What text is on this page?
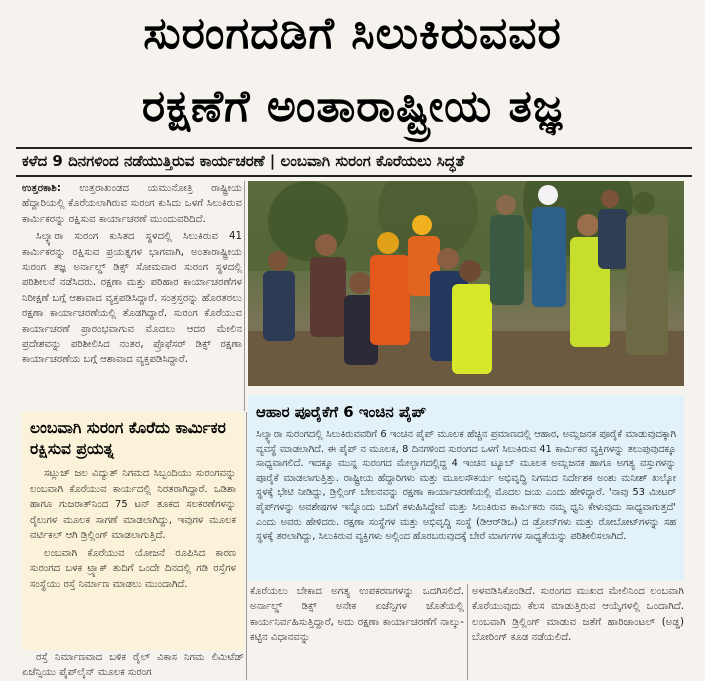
ಸುರಂಗದಡಿಗೆ ಸಿಲುಕಿರುವವರ
ರಕ್ಷಣೆಗೆ ಅಂತಾರಾಷ್ಟ್ರೀಯ ತಜ್ಞ
ಕಳೆದ 9 ದಿನಗಳಿಂದ ನಡೆಯುತ್ತಿರುವ ಕಾರ್ಯಚರಣೆ | ಲಂಬವಾಗಿ ಸುರಂಗ ಕೊರೆಯಲು ಸಿದ್ಧತೆ

ಉತ್ತರಕಾಶಿ: ಉತ್ತರಾಖಂಡದ ಯಮುನೋತ್ರಿ ರಾಷ್ಟ್ರೀಯ ಹೆದ್ದಾರಿಯಲ್ಲಿ ಕೊರೆಯಲಾಗಿರುವ ಸುರಂಗ ಕುಸಿದು ಒಳಗೆ ಸಿಲುಕಿರುವ ಕಾರ್ಮಿಕರನ್ನು ರಕ್ಷಿಸುವ ಕಾರ್ಯಾಚರಣೆ ಮುಂದುವರಿದಿದೆ.

ಸಿಲ್ಕ್ಯಾರಾ ಸುರಂಗ ಕುಸಿತದ ಸ್ಥಳದಲ್ಲಿ ಸಿಲುಕಿರುವ 41 ಕಾರ್ಮಿಕರನ್ನು ರಕ್ಷಿಸುವ ಪ್ರಯತ್ನಗಳ ಭಾಗವಾಗಿ, ಅಂತಾರಾಷ್ಟ್ರೀಯ ಸುರಂಗ ತಜ್ಞ ಅರ್ನಾಲ್ಡ್ ಡಿಕ್ಸ್ ಸೋಮವಾರ ಸುರಂಗ ಸ್ಥಳದಲ್ಲಿ ಪರಿಶೀಲನೆ ನಡೆಸಿದರು. ರಕ್ಷಣಾ ಮತ್ತು ಪರಿಹಾರ ಕಾರ್ಯಾಚರಣೆಗಳ ನಿರೀಕ್ಷಣೆ ಬಗ್ಗೆ ಆಶಾವಾದ ವ್ಯಕ್ತಪಡಿಸಿದ್ದಾರೆ. ಸಂತ್ರಸ್ತರನ್ನು ಹೊರತರಲು ರಕ್ಷಣಾ ಕಾರ್ಯಾಚರಣೆಯಲ್ಲಿ ತೊಡಗಿದ್ದಾರೆ. ಸುರಂಗ ಕೊರೆಯುವ ಕಾರ್ಯಾಚರಣೆ ಪ್ರಾರಂಭವಾಗುವ ಮೊದಲು ಆದರ ಮೇಲಿನ ಪ್ರದೇಶವನ್ನು ಪರಿಶೀಲಿಸಿದ ನಂತರ, ಪ್ರೊಫೆಸರ್ ಡಿಕ್ಸ್ ರಕ್ಷಣಾ ಕಾರ್ಯಾಚರಣೆಯ ಬಗ್ಗೆ ಆಶಾವಾದ ವ್ಯಕ್ತಪಡಿಸಿದ್ದಾರೆ.

ಲಂಬವಾಗಿ ಸುರಂಗ ಕೊರೆದು ಕಾರ್ಮಿಕರ ರಕ್ಷಿಸುವ ಪ್ರಯತ್ನ

ಸಟ್ಲುಜ್ ಜಲ ವಿದ್ಯುತ್ ನಿಗಮದ ಸಿಬ್ಬಂದಿಯು ಸುರಂಗವನ್ನು ಲಂಬವಾಗಿ ಕೊರೆಯುವ ಕಾರ್ಯದಲ್ಲಿ ನಿರತರಾಗಿದ್ದಾರೆ. ಒಡಿಶಾ ಹಾಗೂ ಗುಜರಾತ್‌ನಿಂದ 75 ಟನ್ ತೂಕದ ಸಲಕರಣೆಗಳನ್ನು ರೈಲುಗಳ ಮೂಲಕ ಸಾಗಣೆ ಮಾಡಲಾಗಿದ್ದು, ಇವುಗಳ ಮೂಲಕ ವರ್ಟಿಕಲ್ ಆಗಿ ಡ್ರಿಲ್ಲಿಂಗ್ ಮಾಡಲಾಗುತ್ತಿದೆ.

ಲಂಬವಾಗಿ ಕೊರೆಯುವ ಯೋಜನೆ ರೂಪಿಸಿದ ಕಾರಣ ಸುರಂಗದ ಬಳಕ ಟ್ರ್ಯಾಕ್ ತುದಿಗೆ ಒಂದೇ ದಿನದಲ್ಲಿ ಗಡಿ ರಸ್ತೆಗಳ ಸಂಸ್ಥೆಯು ರಸ್ತೆ ನಿರ್ಮಾಣ ಮಾಡಲು ಮುಂದಾಗಿದೆ.

ರಸ್ತೆ ನಿರ್ಮಾಣವಾದ ಬಳಿಕ ರೈಲ್ ವಿಕಾಸ ನಿಗಮ ಲಿಮಿಟೆಡ್ ಏಜೆನ್ಸಿಯು ಪೈಪ್‌ಲೈನ್ ಮೂಲಕ ಸುರಂಗ

ಆಹಾರ ಪೂರೈಕೆಗೆ 6 ಇಂಚಿನ ಪೈಪ್

ಸಿಲ್ಕ್ಯಾರಾ ಸುರಂಗದಲ್ಲಿ ಸಿಲುಕಿರುವವರಿಗೆ 6 ಇಂಚಿನ ಪೈಪ್ ಮೂಲಕ ಹೆಚ್ಚಿನ ಪ್ರಮಾಣದಲ್ಲಿ ಆಹಾರ, ಅಮ್ಲಜನಕ ಪೂರೈಕೆ ಮಾಡುವುದಕ್ಕಾಗಿ ವ್ಯವಸ್ಥೆ ಮಾಡಲಾಗಿದೆ. ಈ ಪೈಪ್ ನ ಮೂಲಕ, 8 ದಿನಗಳಿಂದ ಸುರಂಗದ ಒಳಗೆ ಸಿಲುಕಿರುವ 41 ಕಾರ್ಮಿಕರ ವ್ಯಕ್ತಿಗಳನ್ನು ತಲುಪುವುದಕ್ಕೂ ಸಾಧ್ಯವಾಗಲಿದೆ. ಇದಕ್ಕೂ ಮುನ್ನ ಸುರಂಗದ ಮೇಲ್ಭಾಗದಲ್ಲಿದ್ದ 4 ಇಂಚಿನ ಟ್ಯೂಬ್ ಮೂಲಕ ಅಮ್ಲಜನಕ ಹಾಗೂ ಅಗತ್ಯ ವಸ್ತುಗಳನ್ನು ಪೂರೈಕೆ ಮಾಡಲಾಗುತ್ತಿತ್ತು. ರಾಷ್ಟ್ರೀಯ ಹೆದ್ದಾರಿಗಳು ಮತ್ತು ಮೂಲಸೌಕರ್ಯ ಅಭಿವೃದ್ಧಿ ನಿಗಮದ ನಿರ್ದೇಶಕ ಅಂಶು ಮನೀಶ್ ಖಲ್ಕೋ ಸ್ಥಳಕ್ಕೆ ಭೇಟಿ ನೀಡಿದ್ದು, ಡ್ರಿಲ್ಲಿಂಗ್ ಬೇಲನವನ್ನು ರಕ್ಷಣಾ ಕಾರ್ಯಾಚರಣೆಯಲ್ಲಿ ಮೊದಲ ಜಯ ಎಂದು ಹೇಳಿದ್ದಾರೆ. 'ನಾವು 53 ಮೀಟರ್ ಪೈಪ್‌ಗಳನ್ನು ಅವಶೇಷಗಳ ಇನ್ನೊಂದು ಬದಿಗೆ ಕಳುಹಿಸಿದ್ದೇವೆ ಮತ್ತು ಸಿಲುಕಿರುವ ಕಾರ್ಮಿಕರು ನಮ್ಮ ಧ್ವನಿ ಕೇಳುವುದು ಸಾಧ್ಯವಾಗುತ್ತದೆ' ಎಂದು ಅವರು ಹೇಳಿದರು. ರಕ್ಷಣಾ ಸಂಸ್ಥೆಗಳ ಮತ್ತು ಅಭಿವೃದ್ಧಿ ಸಂಸ್ಥೆ (ಡಿಆರ್‌ಡಿಒ) ದ ಡ್ರೋನ್‌ಗಳು ಮತ್ತು ರೋಬೋಟ್‌ಗಳನ್ನು ಸಹ ಸ್ಥಳಕ್ಕೆ ತರಲಾಗಿದ್ದು, ಸಿಲುಕಿರುವ ವ್ಯಕ್ತಿಗಳು ಅಲ್ಲಿಂದ ಹೊರಬರುವುದಕ್ಕೆ ಬೇರೆ ಮಾರ್ಗಗಳ ಸಾಧ್ಯತೆಯನ್ನು ಪರಿಶೀಲಿಸಲಾಗಿದೆ.

ಕೊರೆಯಲು ಬೇಕಾದ ಅಗತ್ಯ ಉಪಕರಣಗಳನ್ನು ಒದಗಿಸಲಿದೆ. ಅರ್ನಾಲ್ಡ್ ಡಿಕ್ಸ್ ಅನೇಕ ಏಜೆನ್ಸಿಗಳ ಜೊತೆಯಲ್ಲಿ ಕಾರ್ಯನಿರ್ವಹಿಸುತ್ತಿದ್ದಾರೆ, ಅದು ರಕ್ಷಣಾ ಕಾರ್ಯಾಚರಣೆಗೆ ನಾಲ್ಕು-ಕಟ್ಟಿನ ವಿಧಾನವನ್ನು

ಅಳವಡಿಸಿಕೊಂಡಿದೆ. ಸುರಂಗದ ಮುಖದ ಮೇಲಿನಿಂದ ಲಂಬವಾಗಿ ಕೊರೆಯುವುದು ಕೆಲಸ ಮಾಡುತ್ತಿರುವ ಆಯ್ಕೆಗಳಲ್ಲಿ ಒಂದಾಗಿದೆ. ಲಂಬವಾಗಿ ಡ್ರಿಲ್ಲಿಂಗ್ ಮಾಡುವ ಜತೆಗೆ ಹಾರಿಜಾಂಟಲ್ (ಅಡ್ಡ) ಬೋರಿಂಗ್ ಕೂಡ ನಡೆಯಲಿದೆ.
